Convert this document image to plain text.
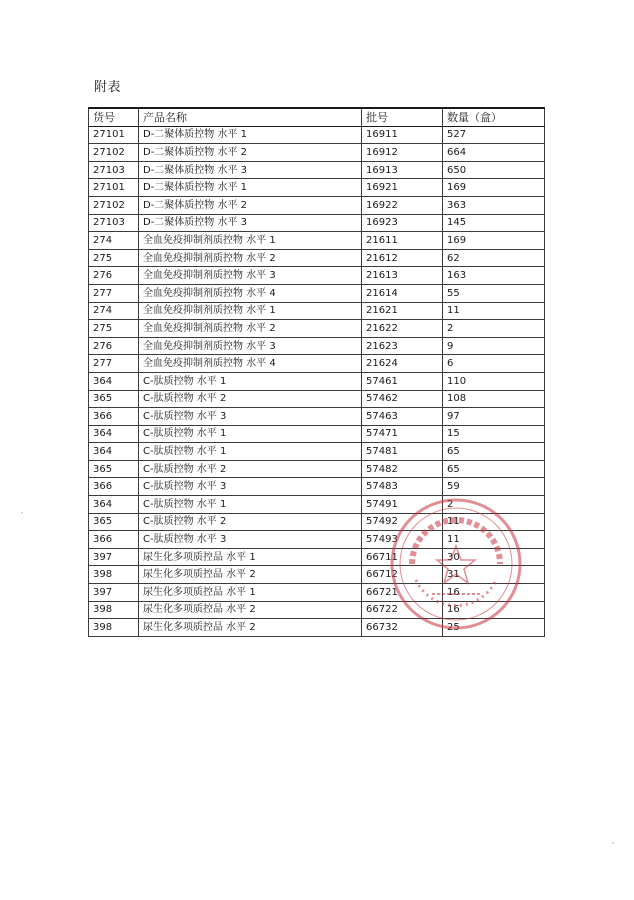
附表
货号	产品名称	批号	数量（盒）
27101	D-二聚体质控物 水平 1	16911	527
27102	D-二聚体质控物 水平 2	16912	664
27103	D-二聚体质控物 水平 3	16913	650
27101	D-二聚体质控物 水平 1	16921	169
27102	D-二聚体质控物 水平 2	16922	363
27103	D-二聚体质控物 水平 3	16923	145
274	全血免疫抑制剂质控物 水平 1	21611	169
275	全血免疫抑制剂质控物 水平 2	21612	62
276	全血免疫抑制剂质控物 水平 3	21613	163
277	全血免疫抑制剂质控物 水平 4	21614	55
274	全血免疫抑制剂质控物 水平 1	21621	11
275	全血免疫抑制剂质控物 水平 2	21622	2
276	全血免疫抑制剂质控物 水平 3	21623	9
277	全血免疫抑制剂质控物 水平 4	21624	6
364	C-肽质控物 水平 1	57461	110
365	C-肽质控物 水平 2	57462	108
366	C-肽质控物 水平 3	57463	97
364	C-肽质控物 水平 1	57471	15
364	C-肽质控物 水平 1	57481	65
365	C-肽质控物 水平 2	57482	65
366	C-肽质控物 水平 3	57483	59
364	C-肽质控物 水平 1	57491	2
365	C-肽质控物 水平 2	57492	11
366	C-肽质控物 水平 3	57493	11
397	尿生化多项质控品 水平 1	66711	30
398	尿生化多项质控品 水平 2	66712	31
397	尿生化多项质控品 水平 1	66721	16
398	尿生化多项质控品 水平 2	66722	16
398	尿生化多项质控品 水平 2	66732	25
